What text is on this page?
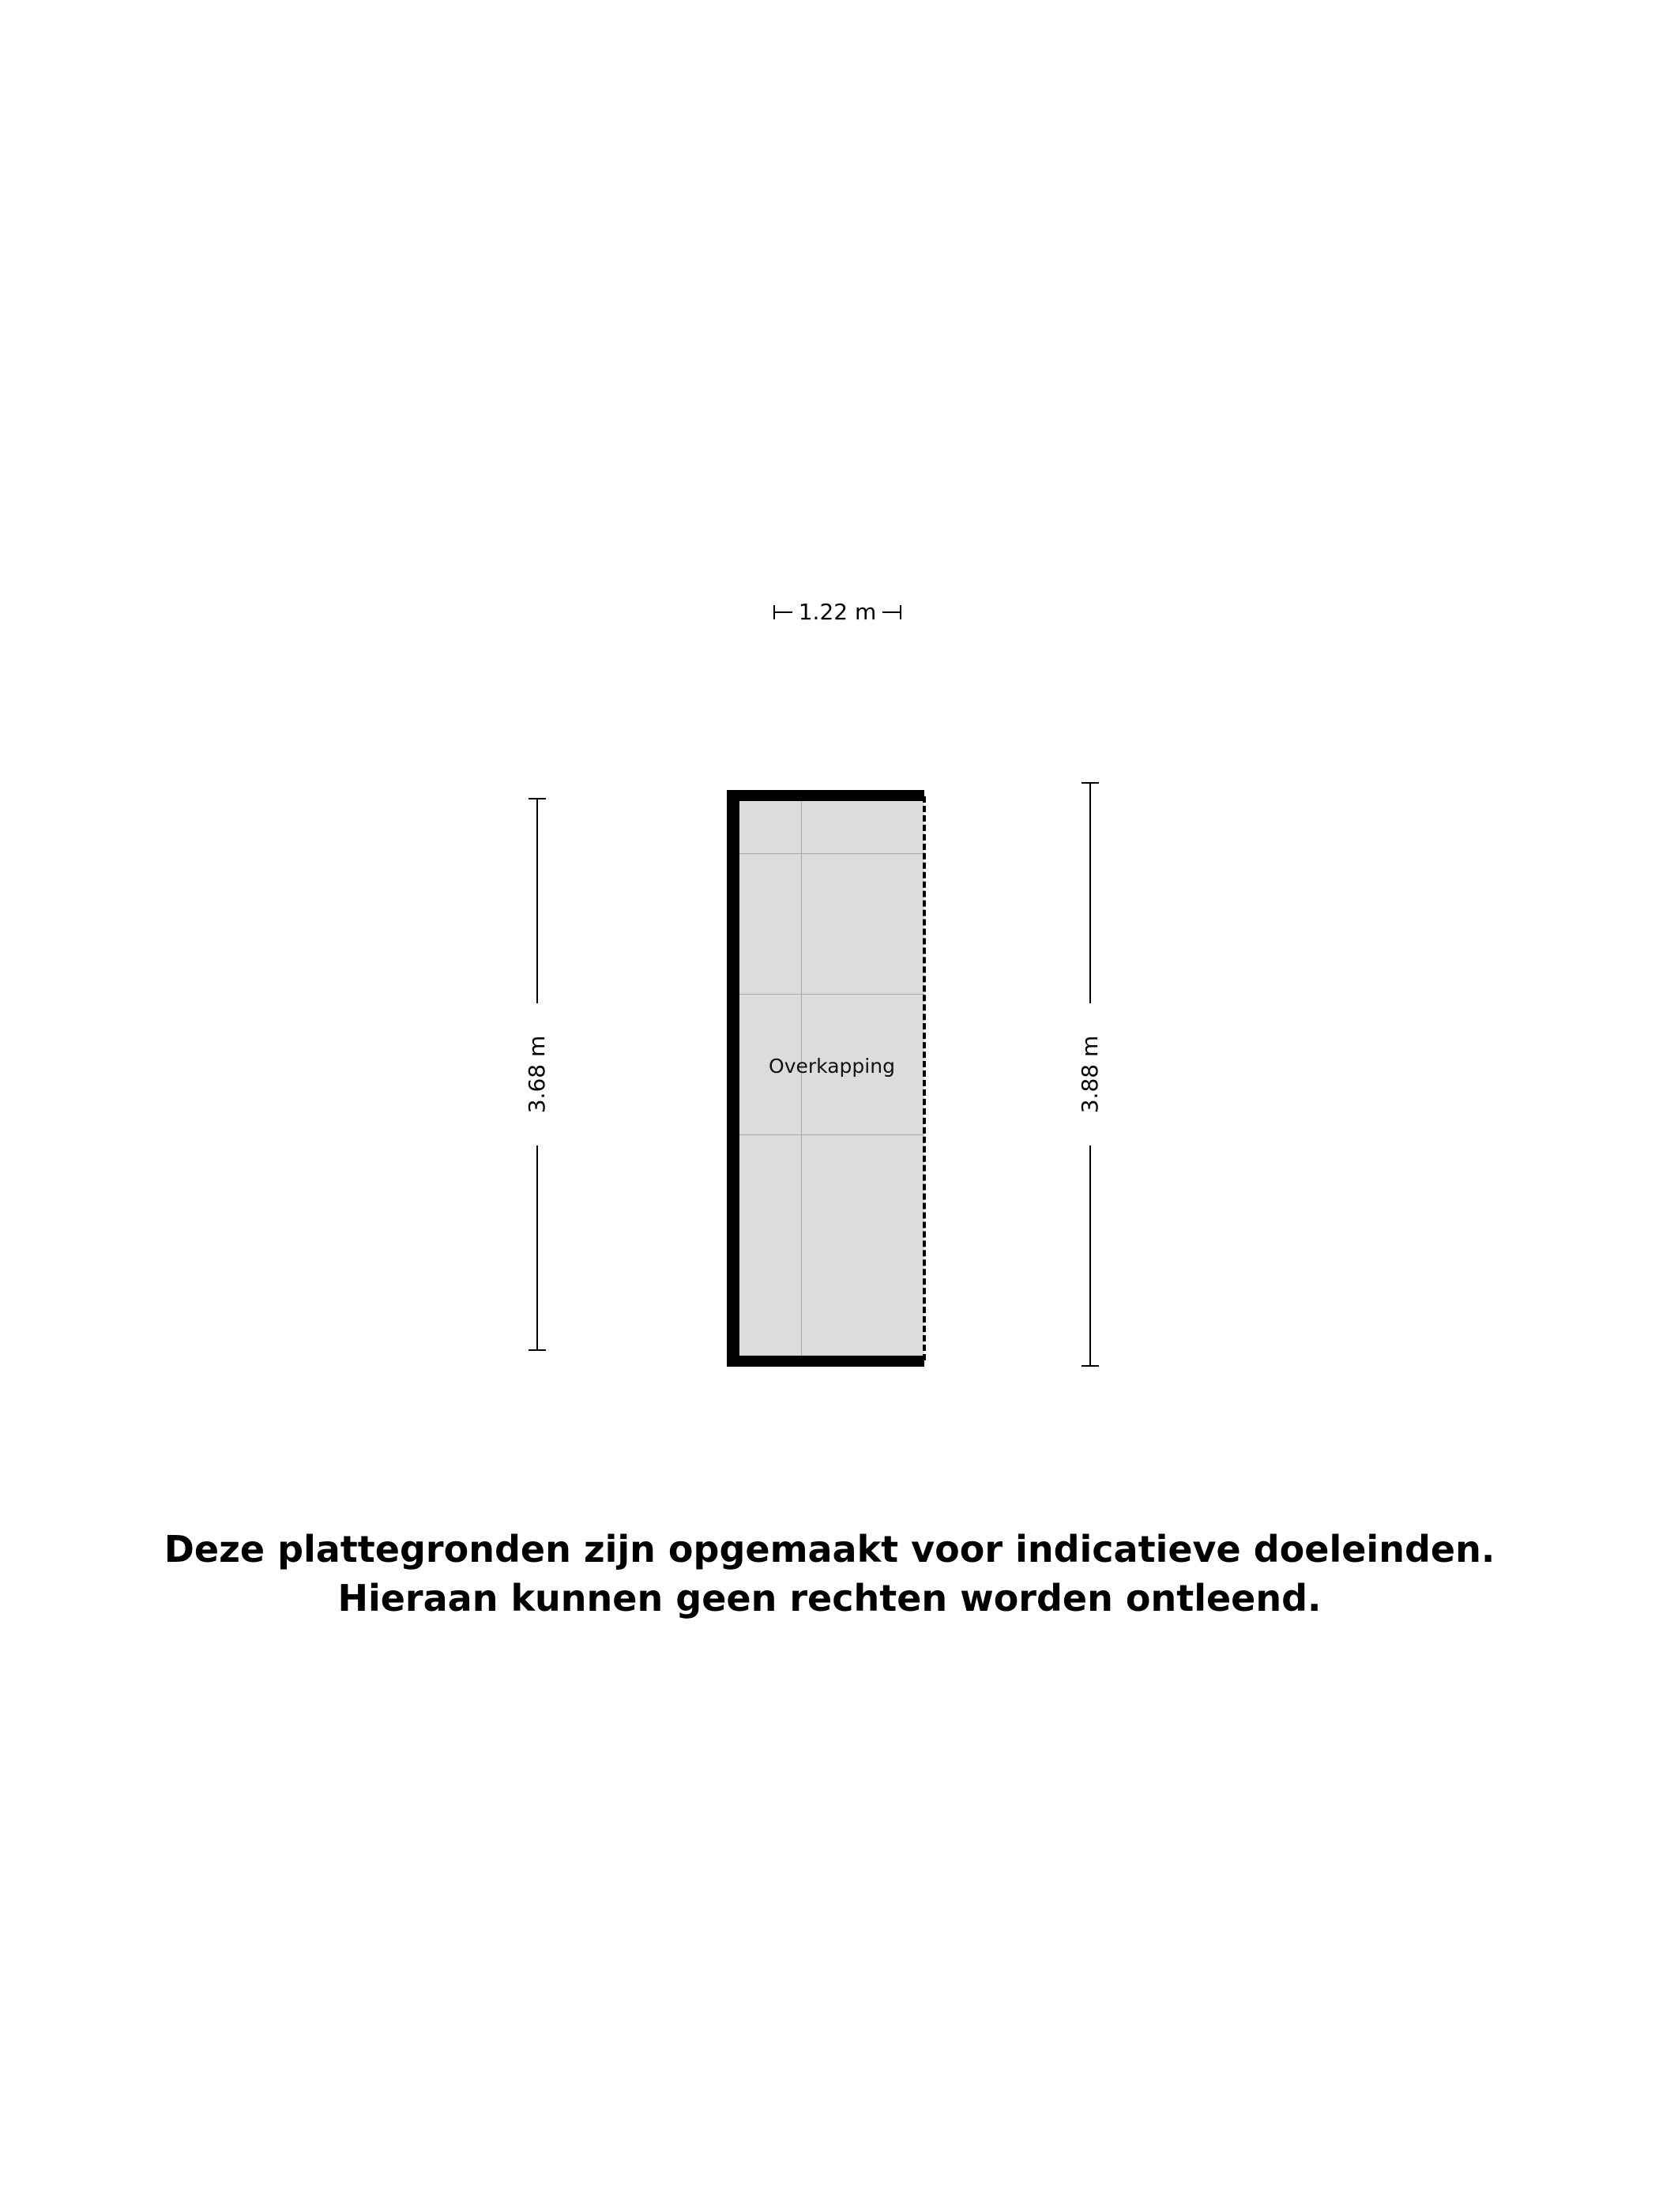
1.22 m
3.68 m	3.88 m
Overkapping
Deze plattegronden zijn opgemaakt voor indicatieve doeleinden.
Hieraan kunnen geen rechten worden ontleend.
